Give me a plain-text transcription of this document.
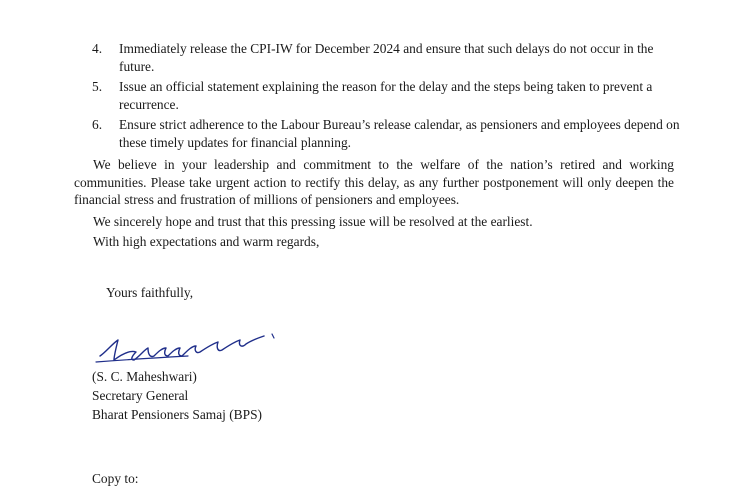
4. Immediately release the CPI-IW for December 2024 and ensure that such delays do not occur in the future.
5. Issue an official statement explaining the reason for the delay and the steps being taken to prevent a recurrence.
6. Ensure strict adherence to the Labour Bureau’s release calendar, as pensioners and employees depend on these timely updates for financial planning.

We believe in your leadership and commitment to the welfare of the nation’s retired and working communities. Please take urgent action to rectify this delay, as any further postponement will only deepen the financial stress and frustration of millions of pensioners and employees.

We sincerely hope and trust that this pressing issue will be resolved at the earliest.

With high expectations and warm regards,

Yours faithfully,
(S. C. Maheshwari)
Secretary General
Bharat Pensioners Samaj (BPS)
Copy to:
